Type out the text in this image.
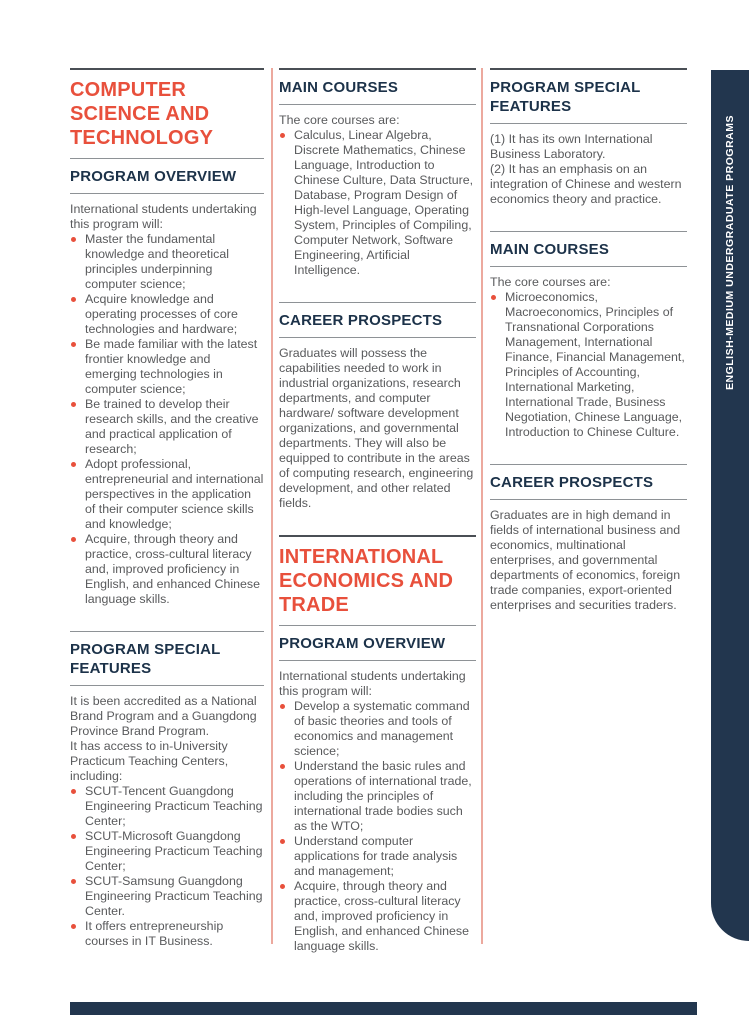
COMPUTER SCIENCE AND TECHNOLOGY
PROGRAM OVERVIEW
International students undertaking this program will:
Master the fundamental knowledge and theoretical principles underpinning computer science;
Acquire knowledge and operating processes of core technologies and hardware;
Be made familiar with the latest frontier knowledge and emerging technologies in computer science;
Be trained to develop their research skills, and the creative and practical application of research;
Adopt professional, entrepreneurial and international perspectives in the application of their computer science skills and knowledge;
Acquire, through theory and practice, cross-cultural literacy and, improved proficiency in English, and enhanced Chinese language skills.
PROGRAM SPECIAL FEATURES
It is been accredited as a National Brand Program and a Guangdong Province Brand Program.
It has access to in-University Practicum Teaching Centers, including:
SCUT-Tencent Guangdong Engineering Practicum Teaching Center;
SCUT-Microsoft Guangdong Engineering Practicum Teaching Center;
SCUT-Samsung Guangdong Engineering Practicum Teaching Center.
It offers entrepreneurship courses in IT Business.
MAIN COURSES
The core courses are:
Calculus, Linear Algebra, Discrete Mathematics, Chinese Language, Introduction to Chinese Culture, Data Structure, Database, Program Design of High-level Language, Operating System, Principles of Compiling, Computer Network, Software Engineering, Artificial Intelligence.
CAREER PROSPECTS
Graduates will possess the capabilities needed to work in industrial organizations, research departments, and computer hardware/ software development organizations, and governmental departments. They will also be equipped to contribute in the areas of computing research, engineering development, and other related fields.
INTERNATIONAL ECONOMICS AND TRADE
PROGRAM OVERVIEW
International students undertaking this program will:
Develop a systematic command of basic theories and tools of economics and management science;
Understand the basic rules and operations of international trade, including the principles of international trade bodies such as the WTO;
Understand computer applications for trade analysis and management;
Acquire, through theory and practice, cross-cultural literacy and, improved proficiency in English, and enhanced Chinese language skills.
PROGRAM SPECIAL FEATURES
(1) It has its own International Business Laboratory.
(2) It has an emphasis on an integration of Chinese and western economics theory and practice.
MAIN COURSES
The core courses are:
Microeconomics, Macroeconomics, Principles of Transnational Corporations Management, International Finance, Financial Management, Principles of Accounting, International Marketing, International Trade, Business Negotiation, Chinese Language, Introduction to Chinese Culture.
CAREER PROSPECTS
Graduates are in high demand in fields of international business and economics, multinational enterprises, and governmental departments of economics, foreign trade companies, export-oriented enterprises and securities traders.
ENGLISH-MEDIUM UNDERGRADUATE PROGRAMS
